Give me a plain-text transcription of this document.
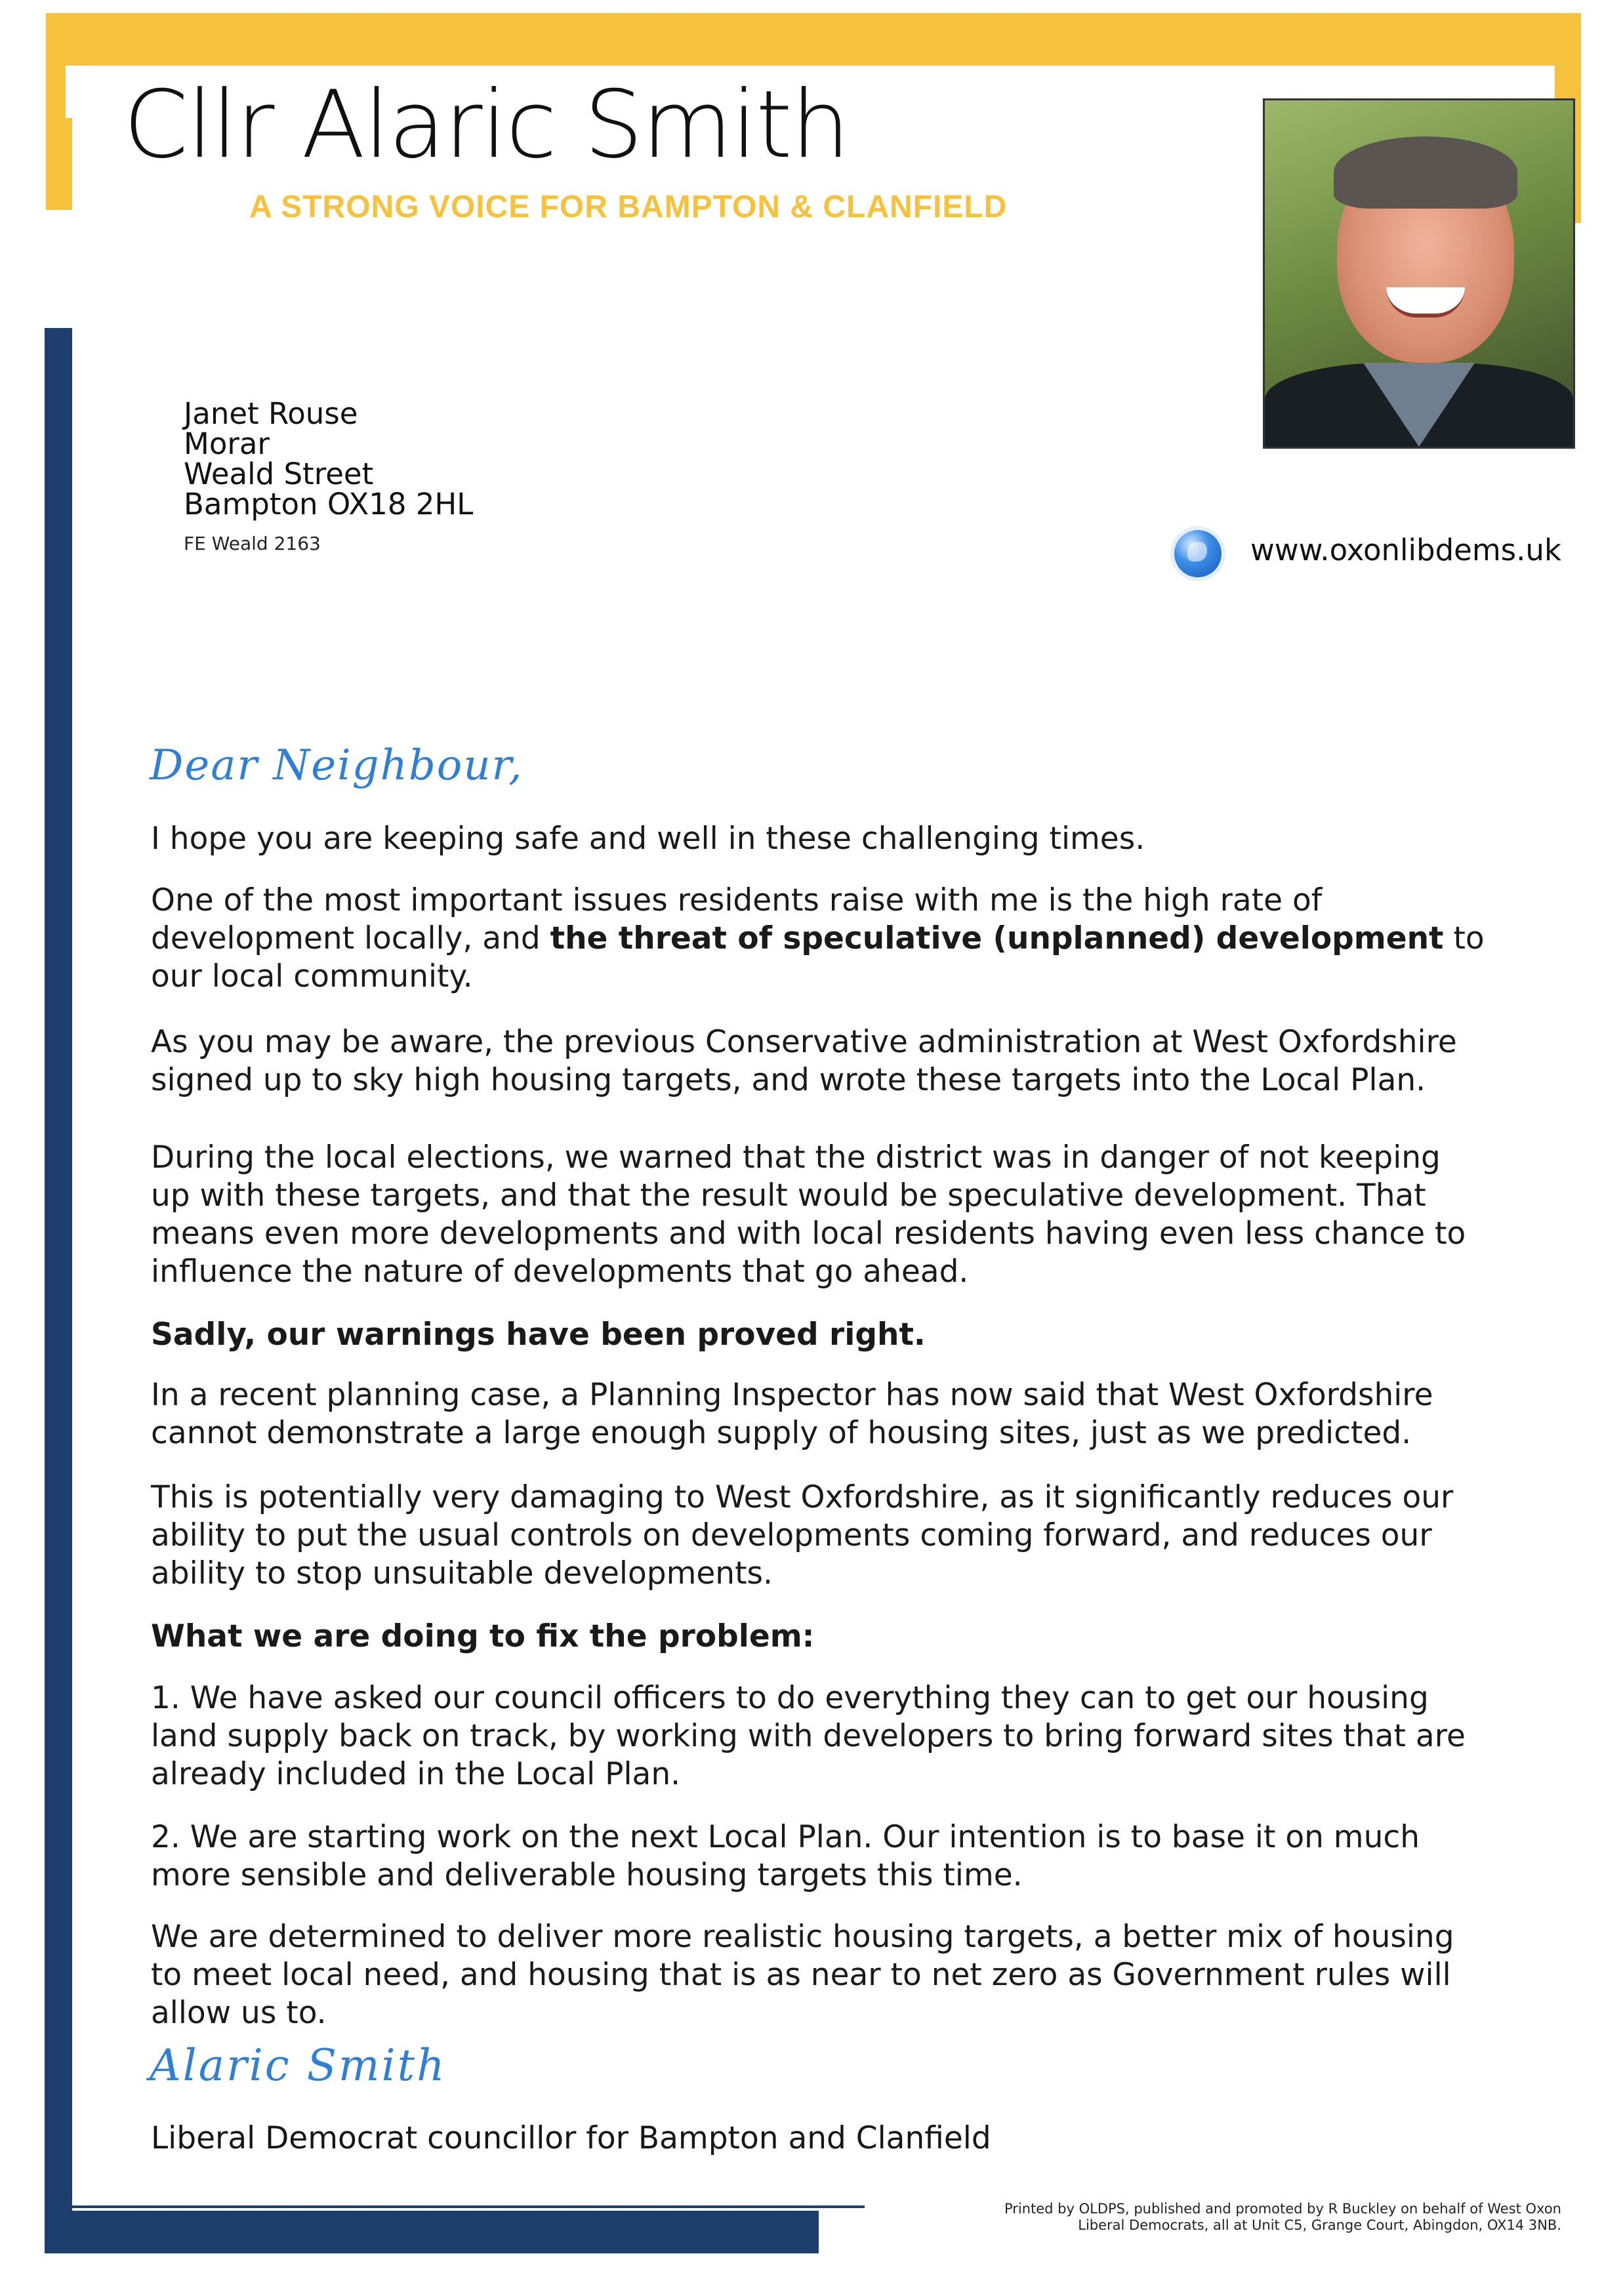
Cllr Alaric Smith
A STRONG VOICE FOR BAMPTON & CLANFIELD
Janet Rouse
Morar
Weald Street
Bampton OX18 2HL
FE Weald 2163	www.oxonlibdems.uk
Dear Neighbour,

I hope you are keeping safe and well in these challenging times.

One of the most important issues residents raise with me is the high rate of development locally, and the threat of speculative (unplanned) development to our local community.

As you may be aware, the previous Conservative administration at West Oxfordshire signed up to sky high housing targets, and wrote these targets into the Local Plan.

During the local elections, we warned that the district was in danger of not keeping up with these targets, and that the result would be speculative development. That means even more developments and with local residents having even less chance to influence the nature of developments that go ahead.

Sadly, our warnings have been proved right.

In a recent planning case, a Planning Inspector has now said that West Oxfordshire cannot demonstrate a large enough supply of housing sites, just as we predicted.

This is potentially very damaging to West Oxfordshire, as it significantly reduces our ability to put the usual controls on developments coming forward, and reduces our ability to stop unsuitable developments.

What we are doing to fix the problem:

1. We have asked our council officers to do everything they can to get our housing land supply back on track, by working with developers to bring forward sites that are already included in the Local Plan.

2. We are starting work on the next Local Plan. Our intention is to base it on much more sensible and deliverable housing targets this time.

We are determined to deliver more realistic housing targets, a better mix of housing to meet local need, and housing that is as near to net zero as Government rules will allow us to.

Alaric Smith
Liberal Democrat councillor for Bampton and Clanfield
Printed by OLDPS, published and promoted by R Buckley on behalf of West Oxon Liberal Democrats, all at Unit C5, Grange Court, Abingdon, OX14 3NB.
